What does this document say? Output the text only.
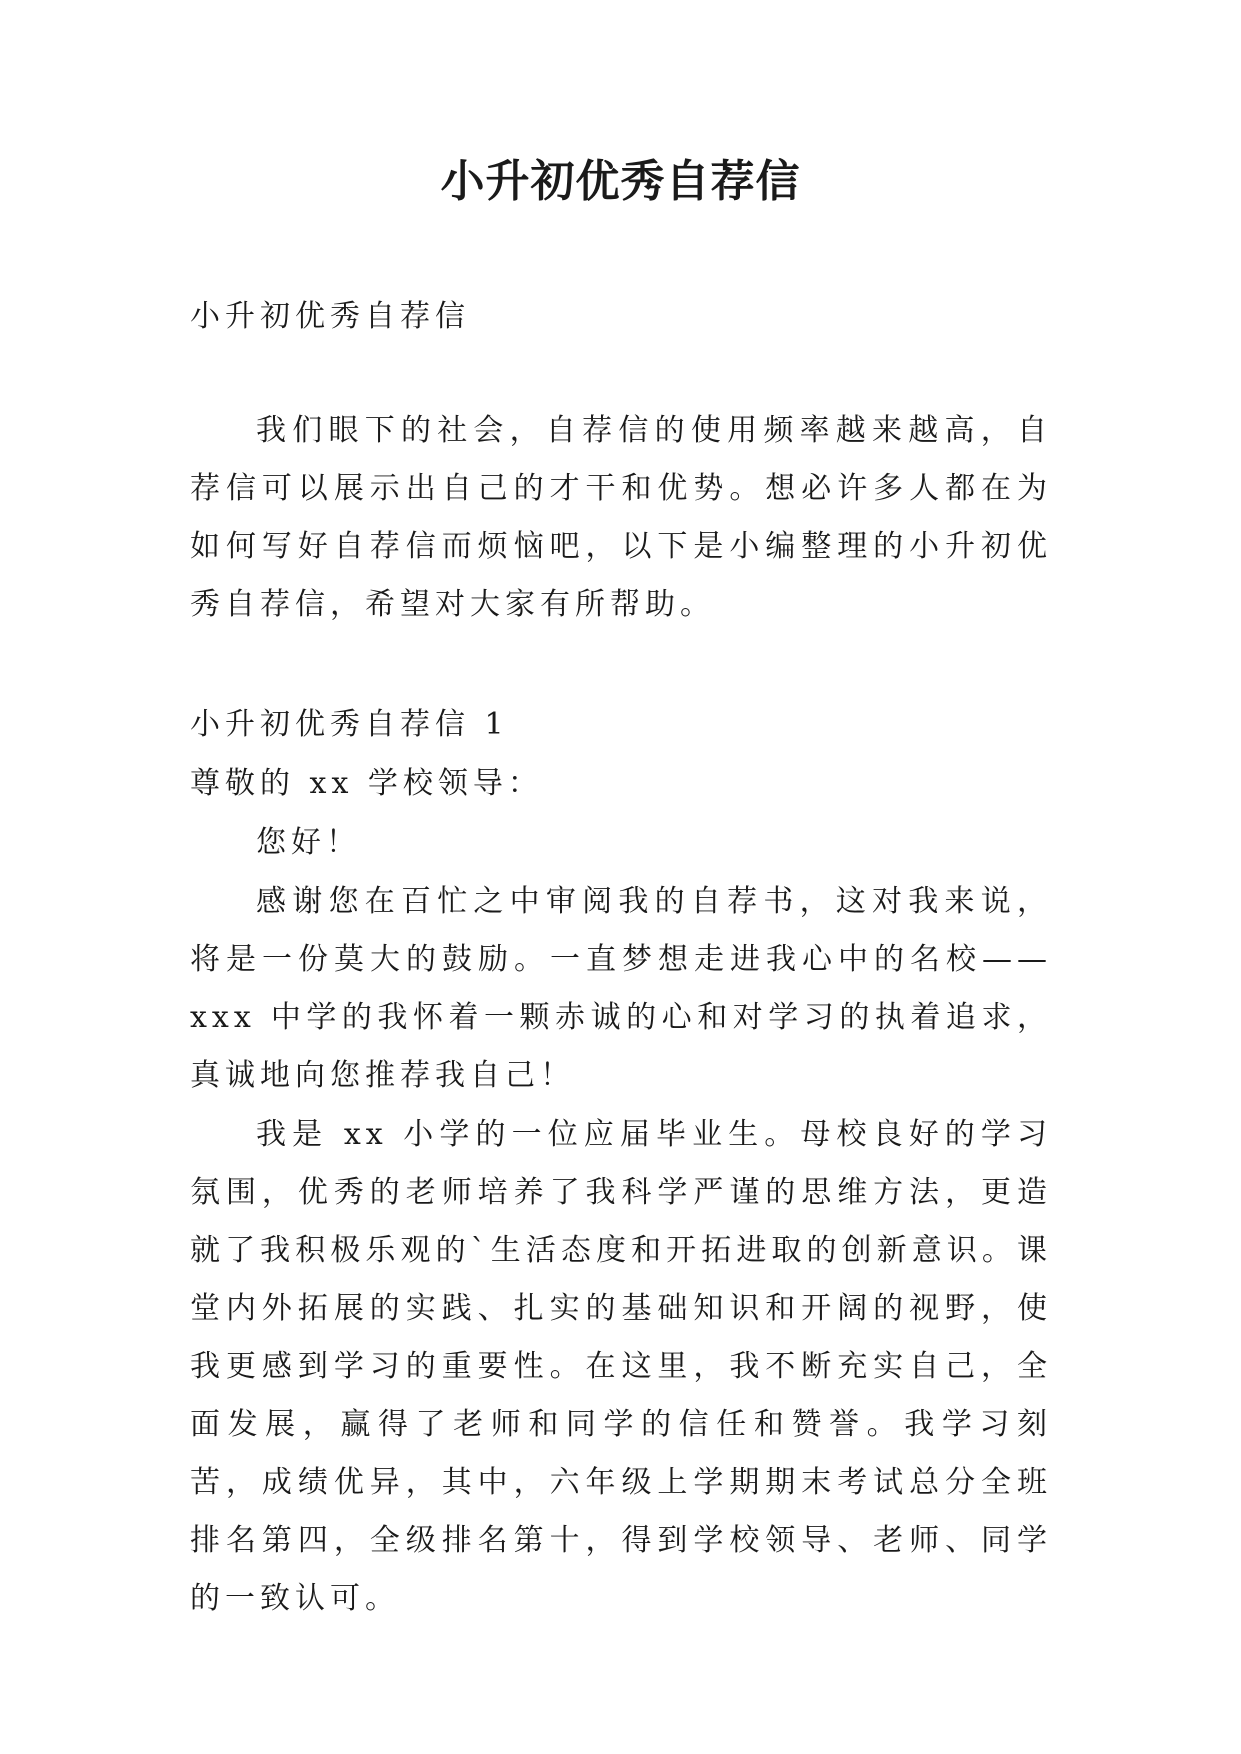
小升初优秀自荐信

小升初优秀自荐信

我们眼下的社会，自荐信的使用频率越来越高，自荐信可以展示出自己的才干和优势。想必许多人都在为如何写好自荐信而烦恼吧，以下是小编整理的小升初优秀自荐信，希望对大家有所帮助。

小升初优秀自荐信 1

尊敬的 xx 学校领导：

您好！

感谢您在百忙之中审阅我的自荐书，这对我来说，将是一份莫大的鼓励。一直梦想走进我心中的名校——xxx 中学的我怀着一颗赤诚的心和对学习的执着追求，真诚地向您推荐我自己！

我是 xx 小学的一位应届毕业生。母校良好的学习氛围，优秀的老师培养了我科学严谨的思维方法，更造就了我积极乐观的`生活态度和开拓进取的创新意识。课堂内外拓展的实践、扎实的基础知识和开阔的视野，使我更感到学习的重要性。在这里，我不断充实自己，全面发展，赢得了老师和同学的信任和赞誉。我学习刻苦，成绩优异，其中，六年级上学期期末考试总分全班排名第四，全级排名第十，得到学校领导、老师、同学的一致认可。
